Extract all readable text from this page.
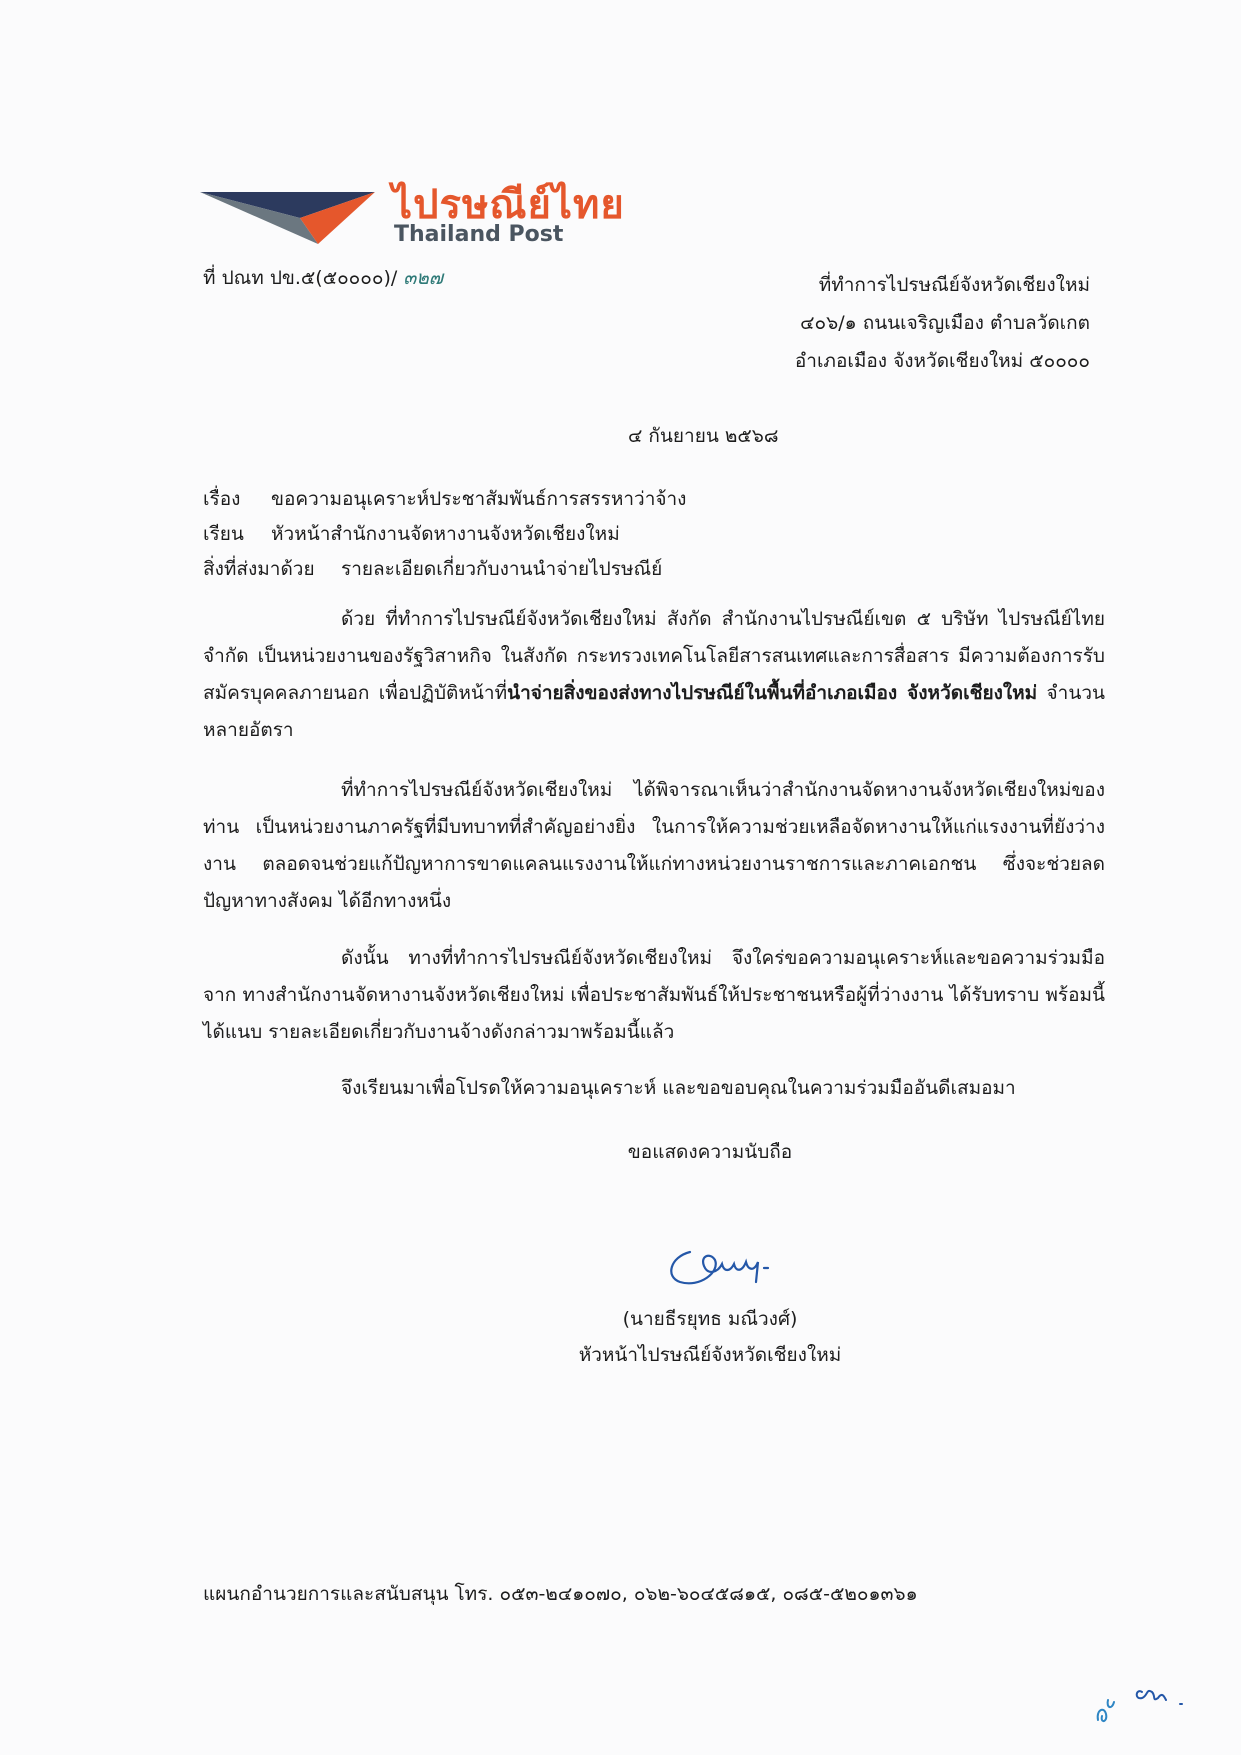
ไปรษณีย์ไทย
Thailand Post
ที่ ปณท ปข.๕(๕๐๐๐๐)/ ๓๒๗	ที่ทำการไปรษณีย์จังหวัดเชียงใหม่
๔๐๖/๑ ถนนเจริญเมือง ตำบลวัดเกต
อำเภอเมือง จังหวัดเชียงใหม่ ๕๐๐๐๐
๔ กันยายน ๒๕๖๘
เรื่อง ขอความอนุเคราะห์ประชาสัมพันธ์การสรรหาว่าจ้าง
เรียน หัวหน้าสำนักงานจัดหางานจังหวัดเชียงใหม่
สิ่งที่ส่งมาด้วย รายละเอียดเกี่ยวกับงานนำจ่ายไปรษณีย์
ด้วย ที่ทำการไปรษณีย์จังหวัดเชียงใหม่ สังกัด สำนักงานไปรษณีย์เขต ๕ บริษัท ไปรษณีย์ไทย จำกัด เป็นหน่วยงานของรัฐวิสาหกิจ ในสังกัด กระทรวงเทคโนโลยีสารสนเทศและการสื่อสาร มีความต้องการรับสมัครบุคคลภายนอก เพื่อปฏิบัติหน้าที่นำจ่ายสิ่งของส่งทางไปรษณีย์ในพื้นที่อำเภอเมือง จังหวัดเชียงใหม่ จำนวนหลายอัตรา
ที่ทำการไปรษณีย์จังหวัดเชียงใหม่ ได้พิจารณาเห็นว่าสำนักงานจัดหางานจังหวัดเชียงใหม่ของท่าน เป็นหน่วยงานภาครัฐที่มีบทบาทที่สำคัญอย่างยิ่ง ในการให้ความช่วยเหลือจัดหางานให้แก่แรงงานที่ยังว่างงาน ตลอดจนช่วยแก้ปัญหาการขาดแคลนแรงงานให้แก่ทางหน่วยงานราชการและภาคเอกชน ซึ่งจะช่วยลดปัญหาทางสังคม ได้อีกทางหนึ่ง
ดังนั้น ทางที่ทำการไปรษณีย์จังหวัดเชียงใหม่ จึงใคร่ขอความอนุเคราะห์และขอความร่วมมือจาก ทางสำนักงานจัดหางานจังหวัดเชียงใหม่ เพื่อประชาสัมพันธ์ให้ประชาชนหรือผู้ที่ว่างงาน ได้รับทราบ พร้อมนี้ได้แนบ รายละเอียดเกี่ยวกับงานจ้างดังกล่าวมาพร้อมนี้แล้ว
จึงเรียนมาเพื่อโปรดให้ความอนุเคราะห์ และขอขอบคุณในความร่วมมืออันดีเสมอมา
ขอแสดงความนับถือ
(นายธีรยุทธ มณีวงศ์)
หัวหน้าไปรษณีย์จังหวัดเชียงใหม่
แผนกอำนวยการและสนับสนุน โทร. ๐๕๓-๒๔๑๐๗๐, ๐๖๒-๖๐๔๕๘๑๕, ๐๘๕-๕๒๐๑๓๖๑
